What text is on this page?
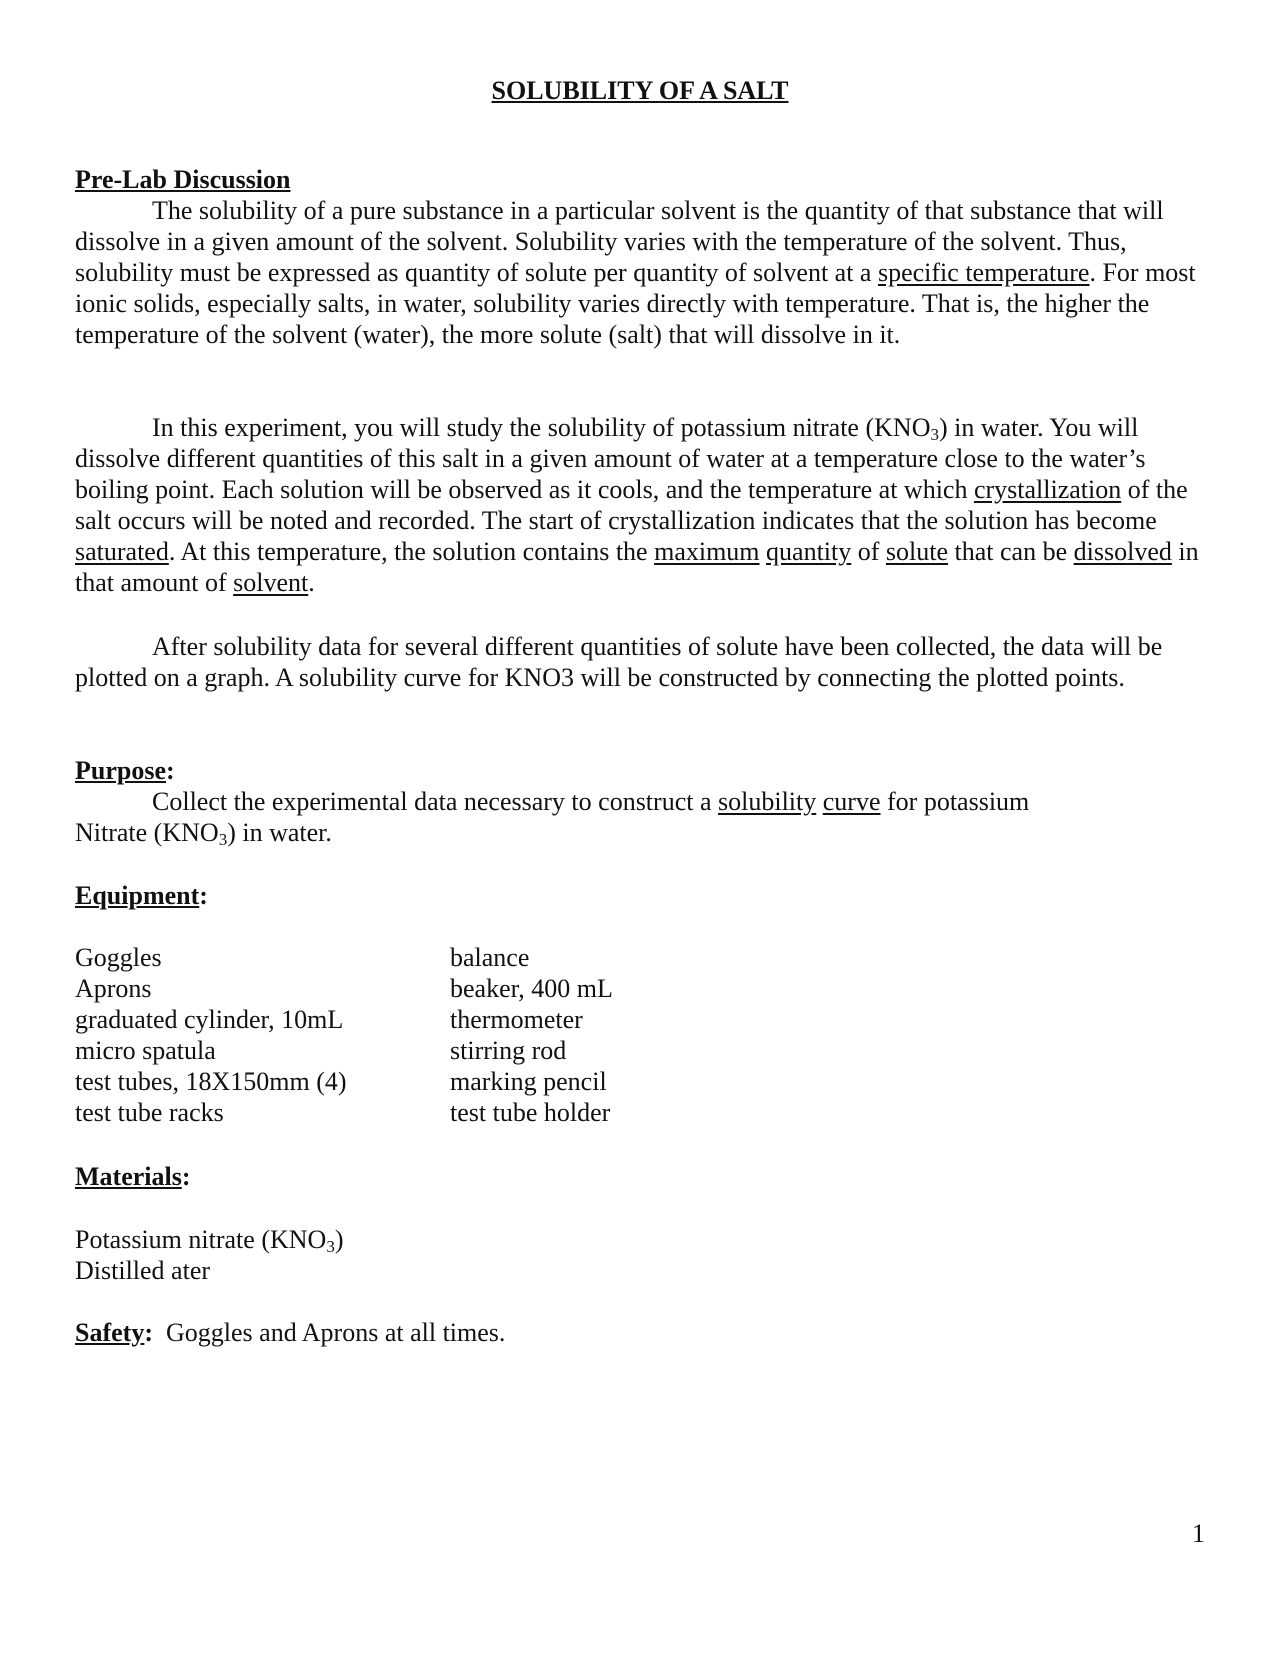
SOLUBILITY OF A SALT
Pre-Lab Discussion

The solubility of a pure substance in a particular solvent is the quantity of that substance that will dissolve in a given amount of the solvent. Solubility varies with the temperature of the solvent. Thus, solubility must be expressed as quantity of solute per quantity of solvent at a specific temperature. For most ionic solids, especially salts, in water, solubility varies directly with temperature. That is, the higher the temperature of the solvent (water), the more solute (salt) that will dissolve in it.

In this experiment, you will study the solubility of potassium nitrate $(KNO_3)$ in water. You will dissolve different quantities of this salt in a given amount of water at a temperature close to the water’s boiling point. Each solution will be observed as it cools, and the temperature at which crystallization of the salt occurs will be noted and recorded. The start of crystallization indicates that the solution has become saturated. At this temperature, the solution contains the maximum quantity of solute that can be dissolved in that amount of solvent.

After solubility data for several different quantities of solute have been collected, the data will be plotted on a graph. A solubility curve for KNO3 will be constructed by connecting the plotted points.

Purpose:

Collect the experimental data necessary to construct a solubility curve for potassium

Nitrate $(KNO_3)$ in water.

Equipment:
Goggles
Aprons
graduated cylinder, 10mL
micro spatula
test tubes, 18X150mm (4)
test tube racks
balance
beaker, 400 mL
thermometer
stirring rod
marking pencil
test tube holder
Materials:

Potassium nitrate $(KNO_3)$

Distilled ater

Safety:  Goggles and Aprons at all times.

1
